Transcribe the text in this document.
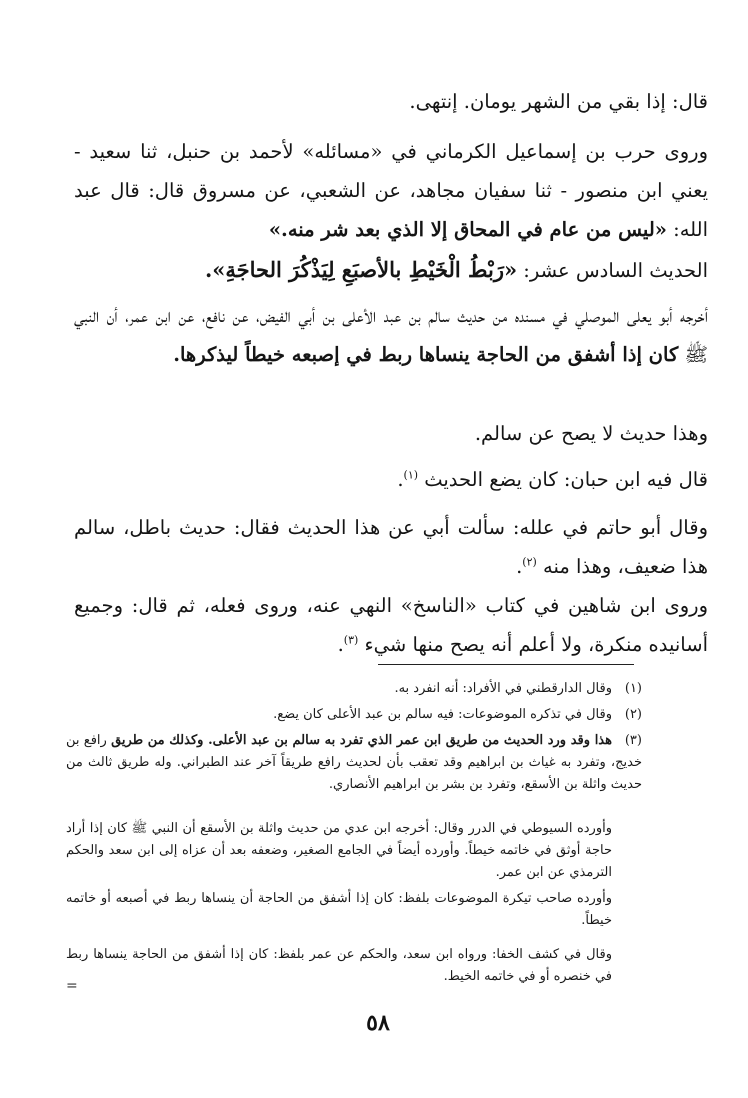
قال: إذا بقي من الشهر يومان. إنتهى.

وروى حرب بن إسماعيل الكرماني في «مسائله» لأحمد بن حنبل، ثنا سعيد - يعني ابن منصور - ثنا سفيان مجاهد، عن الشعبي، عن مسروق قال: قال عبد الله: «ليس من عام في المحاق إلا الذي بعد شر منه.»

الحديث السادس عشر: «رَبْطُ الْخَيْطِ بالأصبَعِ لِيَذْكُرَ الحاجَةِ».

أخرجه أبو يعلى الموصلي في مسنده من حديث سالم بن عبد الأعلى بن أبي الفيض، عن نافع، عن ابن عمر، أن النبي ﷺ كان إذا أشفق من الحاجة ينساها ربط في إصبعه خيطاً ليذكرها.

وهذا حديث لا يصح عن سالم.

قال فيه ابن حبان: كان يضع الحديث $^{(١)}$.

وقال أبو حاتم في علله: سألت أبي عن هذا الحديث فقال: حديث باطل، سالم هذا ضعيف، وهذا منه $^{(٢)}$.

وروى ابن شاهين في كتاب «الناسخ» النهي عنه، وروى فعله، ثم قال: وجميع أسانيده منكرة، ولا أعلم أنه يصح منها شيء $^{(٣)}$.

(١)وقال الدارقطني في الأفراد: أنه انفرد به.

(٢)وقال في تذكره الموضوعات: فيه سالم بن عبد الأعلى كان يضع.

(٣)هذا وقد ورد الحديث من طريق ابن عمر الذي تفرد به سالم بن عبد الأعلى. وكذلك من طريق رافع بن خديج، وتفرد به غياث بن ابراهيم وقد تعقب بأن لحديث رافع طريقاً آخر عند الطبراني. وله طريق ثالث من حديث واثلة بن الأسقع، وتفرد بن بشر بن ابراهيم الأنصاري.

وأورده السيوطي في الدرر وقال: أخرجه ابن عدي من حديث واثلة بن الأسقع أن النبي ﷺ كان إذا أراد حاجة أوثق في خاتمه خيطاً. وأورده أيضاً في الجامع الصغير، وضعفه بعد أن عزاه إلى ابن سعد والحكم الترمذي عن ابن عمر.

وأورده صاحب تيكرة الموضوعات بلفظ: كان إذا أشفق من الحاجة أن ينساها ربط في أصبعه أو خاتمه خيطاً.

وقال في كشف الخفا: ورواه ابن سعد، والحكم عن عمر بلفظ: كان إذا أشفق من الحاجة ينساها ربط في خنصره أو في خاتمه الخيط.

=
٥٨
